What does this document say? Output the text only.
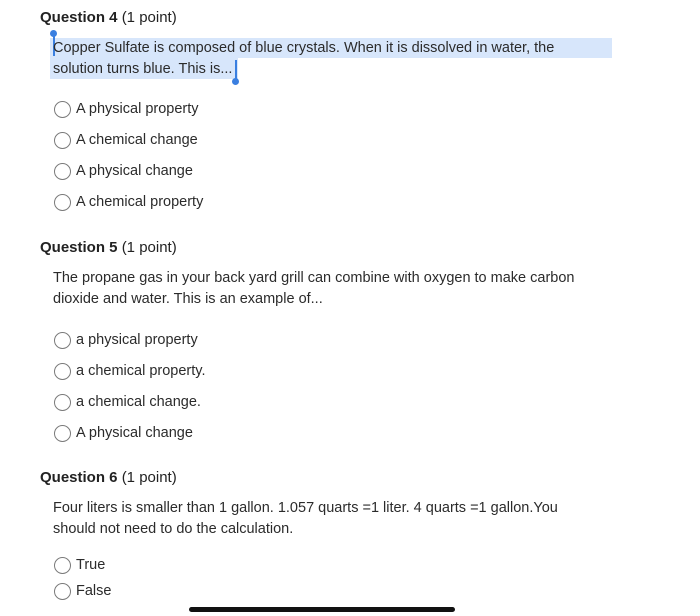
Question 4 (1 point)
Copper Sulfate is composed of blue crystals. When it is dissolved in water, the
solution turns blue. This is...
A physical property
A chemical change
A physical change
A chemical property
Question 5 (1 point)
The propane gas in your back yard grill can combine with oxygen to make carbon
dioxide and water. This is an example of...
a physical property
a chemical property.
a chemical change.
A physical change
Question 6 (1 point)
Four liters is smaller than 1 gallon. 1.057 quarts =1 liter. 4 quarts =1 gallon.You
should not need to do the calculation.
True
False
